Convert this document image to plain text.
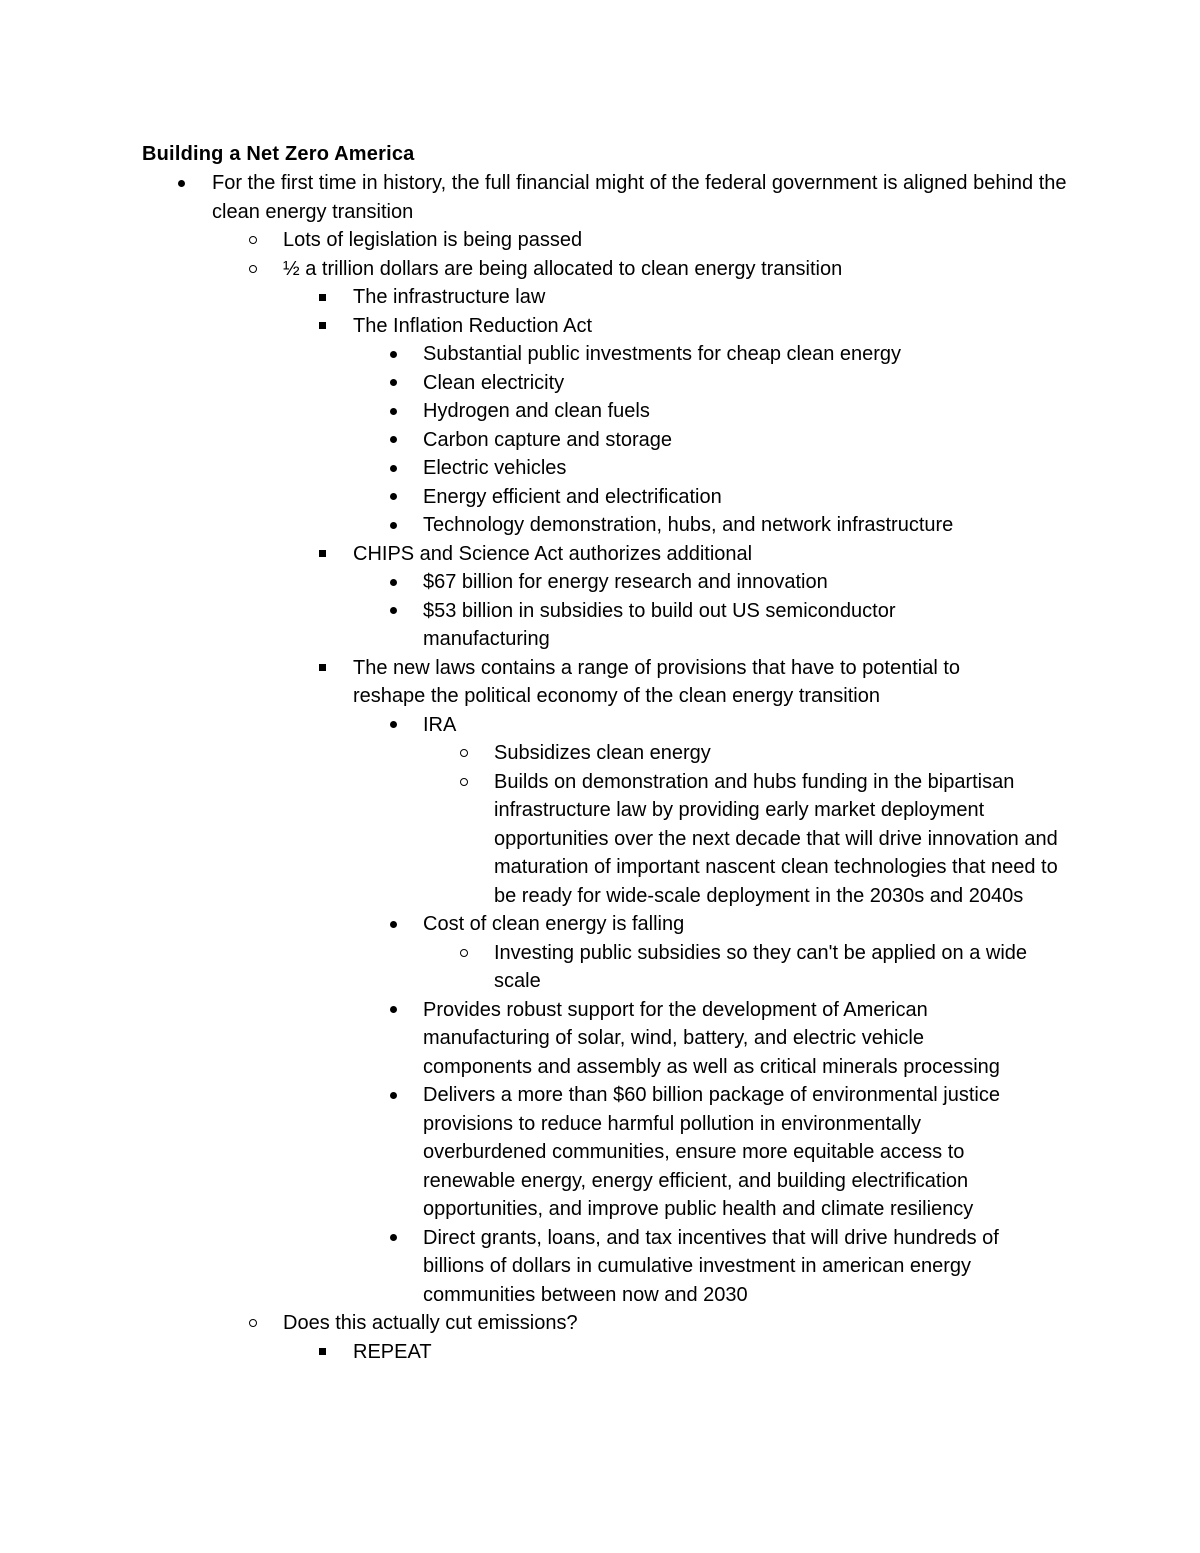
Building a Net Zero America
For the first time in history, the full financial might of the federal government is aligned behind the clean energy transition
Lots of legislation is being passed
½ a trillion dollars are being allocated to clean energy transition
The infrastructure law
The Inflation Reduction Act
Substantial public investments for cheap clean energy
Clean electricity
Hydrogen and clean fuels
Carbon capture and storage
Electric vehicles
Energy efficient and electrification
Technology demonstration, hubs, and network infrastructure
CHIPS and Science Act authorizes additional
$67 billion for energy research and innovation
$53 billion in subsidies to build out US semiconductor manufacturing
The new laws contains a range of provisions that have to potential to reshape the political economy of the clean energy transition
IRA
Subsidizes clean energy
Builds on demonstration and hubs funding in the bipartisan infrastructure law by providing early market deployment opportunities over the next decade that will drive innovation and maturation of important nascent clean technologies that need to be ready for wide-scale deployment in the 2030s and 2040s
Cost of clean energy is falling
Investing public subsidies so they can't be applied on a wide scale
Provides robust support for the development of American manufacturing of solar, wind, battery, and electric vehicle components and assembly as well as critical minerals processing
Delivers a more than $60 billion package of environmental justice provisions to reduce harmful pollution in environmentally overburdened communities, ensure more equitable access to renewable energy, energy efficient, and building electrification opportunities, and improve public health and climate resiliency
Direct grants, loans, and tax incentives that will drive hundreds of billions of dollars in cumulative investment in american energy communities between now and 2030
Does this actually cut emissions?
REPEAT
